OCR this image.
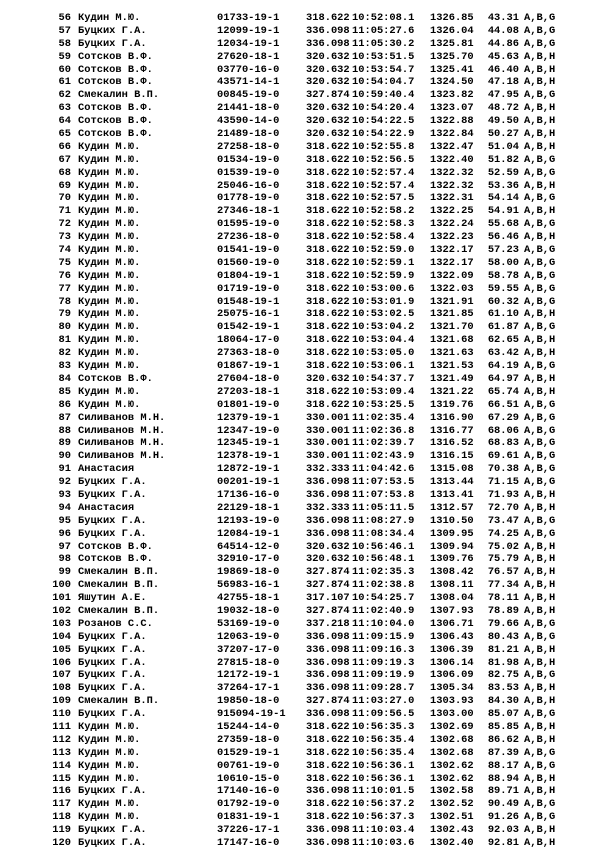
56 Кудин М.Ю.	01733-19-1	318.622 10:52:08.1 1326.85 43.31 A,B,G
57 Буцких Г.А.	12099-19-1	336.098 11:05:27.6 1326.04 44.08 A,B,G
58 Буцких Г.А.	12034-19-1	336.098 11:05:30.2 1325.81 44.86 A,B,G
59 Сотсков В.Ф.	27620-18-1	320.632 10:53:51.5 1325.70 45.63 A,B,H
60 Сотсков В.Ф.	03770-16-0	320.632 10:53:54.7 1325.41 46.40 A,B,H
61 Сотсков В.Ф.	43571-14-1	320.632 10:54:04.7 1324.50 47.18 A,B,H
62 Смекалин В.П.	00845-19-0	327.874 10:59:40.4 1323.82 47.95 A,B,G
63 Сотсков В.Ф.	21441-18-0	320.632 10:54:20.4 1323.07 48.72 A,B,H
64 Сотсков В.Ф.	43590-14-0	320.632 10:54:22.5 1322.88 49.50 A,B,H
65 Сотсков В.Ф.	21489-18-0	320.632 10:54:22.9 1322.84 50.27 A,B,H
66 Кудин М.Ю.	27258-18-0	318.622 10:52:55.8 1322.47 51.04 A,B,H
67 Кудин М.Ю.	01534-19-0	318.622 10:52:56.5 1322.40 51.82 A,B,G
68 Кудин М.Ю.	01539-19-0	318.622 10:52:57.4 1322.32 52.59 A,B,G
69 Кудин М.Ю.	25046-16-0	318.622 10:52:57.4 1322.32 53.36 A,B,H
70 Кудин М.Ю.	01778-19-0	318.622 10:52:57.5 1322.31 54.14 A,B,G
71 Кудин М.Ю.	27346-18-1	318.622 10:52:58.2 1322.25 54.91 A,B,H
72 Кудин М.Ю.	01595-19-0	318.622 10:52:58.3 1322.24 55.68 A,B,G
73 Кудин М.Ю.	27236-18-0	318.622 10:52:58.4 1322.23 56.46 A,B,H
74 Кудин М.Ю.	01541-19-0	318.622 10:52:59.0 1322.17 57.23 A,B,G
75 Кудин М.Ю.	01560-19-0	318.622 10:52:59.1 1322.17 58.00 A,B,G
76 Кудин М.Ю.	01804-19-1	318.622 10:52:59.9 1322.09 58.78 A,B,G
77 Кудин М.Ю.	01719-19-0	318.622 10:53:00.6 1322.03 59.55 A,B,G
78 Кудин М.Ю.	01548-19-1	318.622 10:53:01.9 1321.91 60.32 A,B,G
79 Кудин М.Ю.	25075-16-1	318.622 10:53:02.5 1321.85 61.10 A,B,H
80 Кудин М.Ю.	01542-19-1	318.622 10:53:04.2 1321.70 61.87 A,B,G
81 Кудин М.Ю.	18064-17-0	318.622 10:53:04.4 1321.68 62.65 A,B,H
82 Кудин М.Ю.	27363-18-0	318.622 10:53:05.0 1321.63 63.42 A,B,H
83 Кудин М.Ю.	01867-19-1	318.622 10:53:06.1 1321.53 64.19 A,B,G
84 Сотсков В.Ф.	27604-18-0	320.632 10:54:37.7 1321.49 64.97 A,B,H
85 Кудин М.Ю.	27203-18-1	318.622 10:53:09.4 1321.22 65.74 A,B,H
86 Кудин М.Ю.	01801-19-0	318.622 10:53:25.5 1319.76 66.51 A,B,G
87 Силиванов М.Н.	12379-19-1	330.001 11:02:35.4 1316.90 67.29 A,B,G
88 Силиванов М.Н.	12347-19-0	330.001 11:02:36.8 1316.77 68.06 A,B,G
89 Силиванов М.Н.	12345-19-1	330.001 11:02:39.7 1316.52 68.83 A,B,G
90 Силиванов М.Н.	12378-19-1	330.001 11:02:43.9 1316.15 69.61 A,B,G
91 Анастасия	12872-19-1	332.333 11:04:42.6 1315.08 70.38 A,B,G
92 Буцких Г.А.	00201-19-1	336.098 11:07:53.5 1313.44 71.15 A,B,G
93 Буцких Г.А.	17136-16-0	336.098 11:07:53.8 1313.41 71.93 A,B,H
94 Анастасия	22129-18-1	332.333 11:05:11.5 1312.57 72.70 A,B,H
95 Буцких Г.А.	12193-19-0	336.098 11:08:27.9 1310.50 73.47 A,B,G
96 Буцких Г.А.	12084-19-1	336.098 11:08:34.4 1309.95 74.25 A,B,G
97 Сотсков В.Ф.	64514-12-0	320.632 10:56:46.1 1309.94 75.02 A,B,H
98 Сотсков В.Ф.	32910-17-0	320.632 10:56:48.1 1309.76 75.79 A,B,H
99 Смекалин В.П.	19869-18-0	327.874 11:02:35.3 1308.42 76.57 A,B,H
100 Смекалин В.П.	56983-16-1	327.874 11:02:38.8 1308.11 77.34 A,B,H
101 Яшутин А.Е.	42755-18-1	317.107 10:54:25.7 1308.04 78.11 A,B,H
102 Смекалин В.П.	19032-18-0	327.874 11:02:40.9 1307.93 78.89 A,B,H
103 Розанов С.С.	53169-19-0	337.218 11:10:04.0 1306.71 79.66 A,B,G
104 Буцких Г.А.	12063-19-0	336.098 11:09:15.9 1306.43 80.43 A,B,G
105 Буцких Г.А.	37207-17-0	336.098 11:09:16.3 1306.39 81.21 A,B,H
106 Буцких Г.А.	27815-18-0	336.098 11:09:19.3 1306.14 81.98 A,B,H
107 Буцких Г.А.	12172-19-1	336.098 11:09:19.9 1306.09 82.75 A,B,G
108 Буцких Г.А.	37264-17-1	336.098 11:09:28.7 1305.34 83.53 A,B,H
109 Смекалин В.П.	19850-18-0	327.874 11:03:27.0 1303.93 84.30 A,B,H
110 Буцких Г.А.	915094-19-1 336.098 11:09:56.5 1303.00 85.07 A,B,G
111 Кудин М.Ю.	15244-14-0	318.622 10:56:35.3 1302.69 85.85 A,B,H
112 Кудин М.Ю.	27359-18-0	318.622 10:56:35.4 1302.68 86.62 A,B,H
113 Кудин М.Ю.	01529-19-1	318.622 10:56:35.4 1302.68 87.39 A,B,G
114 Кудин М.Ю.	00761-19-0	318.622 10:56:36.1 1302.62 88.17 A,B,G
115 Кудин М.Ю.	10610-15-0	318.622 10:56:36.1 1302.62 88.94 A,B,H
116 Буцких Г.А.	17140-16-0	336.098 11:10:01.5 1302.58 89.71 A,B,H
117 Кудин М.Ю.	01792-19-0	318.622 10:56:37.2 1302.52 90.49 A,B,G
118 Кудин М.Ю.	01831-19-1	318.622 10:56:37.3 1302.51 91.26 A,B,G
119 Буцких Г.А.	37226-17-1	336.098 11:10:03.4 1302.43 92.03 A,B,H
120 Буцких Г.А.	17147-16-0	336.098 11:10:03.6 1302.40 92.81 A,B,H
